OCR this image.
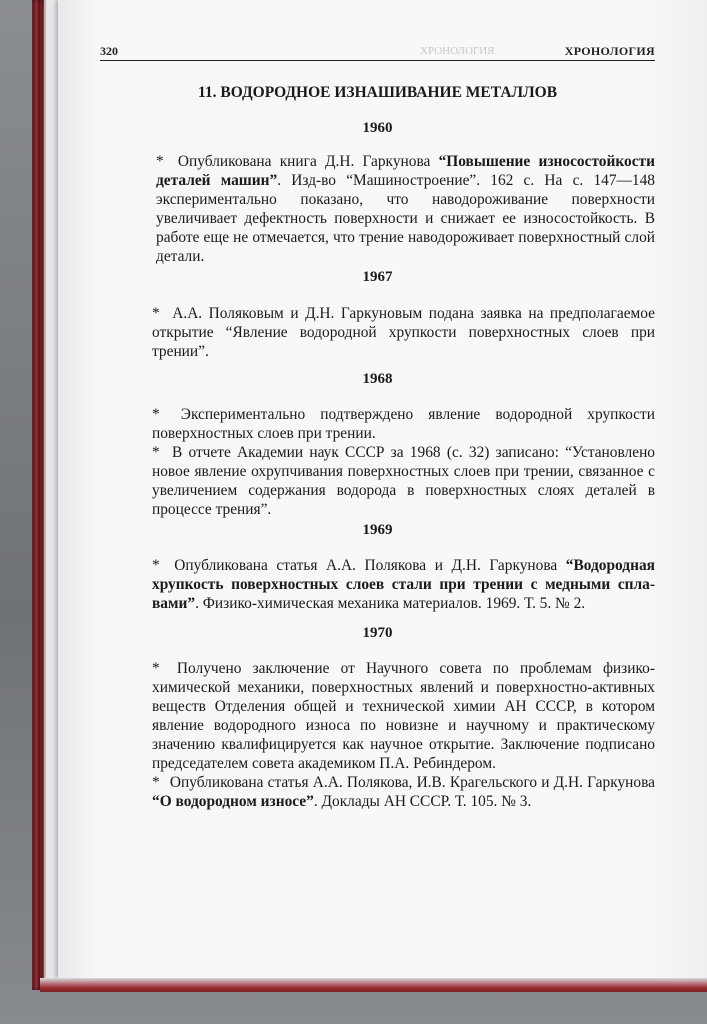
320	ХРОНОЛОГИЯ	ХРОНОЛОГИЯ
11. ВОДОРОДНОЕ ИЗНАШИВАНИЕ МЕТАЛЛОВ
1960
* Опубликована книга Д.Н. Гаркунова “Повышение износостойкости деталей машин”. Изд-во “Машиностроение”. 162 с. На с. 147—148 экспериментально показано, что наводороживание поверхности увеличивает дефектность поверхности и снижает ее износостойкость. В работе еще не отмечается, что трение наводороживает поверхностный слой детали.
1967
* А.А. Поляковым и Д.Н. Гаркуновым подана заявка на предполагаемое открытие “Явление водородной хрупкости поверхностных слоев при трении”.
1968
* Экспериментально подтверждено явление водородной хрупкости поверхностных слоев при трении.
* В отчете Академии наук СССР за 1968 (с. 32) записано: “Установлено новое явление охрупчивания поверхностных слоев при трении, связанное с увеличением содержания водорода в поверхностных слоях деталей в процессе трения”.
1969
* Опубликована статья А.А. Полякова и Д.Н. Гаркунова “Водородная хрупкость поверхностных слоев стали при трении с медными сплавами”. Физико-химическая механика материалов. 1969. Т. 5. № 2.
1970
* Получено заключение от Научного совета по проблемам физико-химической механики, поверхностных явлений и поверхностно-активных веществ Отделения общей и технической химии АН СССР, в котором явление водородного износа по новизне и научному и практическому значению квалифицируется как научное открытие. Заключение подписано председателем совета академиком П.А. Ребиндером.
* Опубликована статья А.А. Полякова, И.В. Крагельского и Д.Н. Гаркунова “О водородном износе”. Доклады АН СССР. Т. 105. № 3.
